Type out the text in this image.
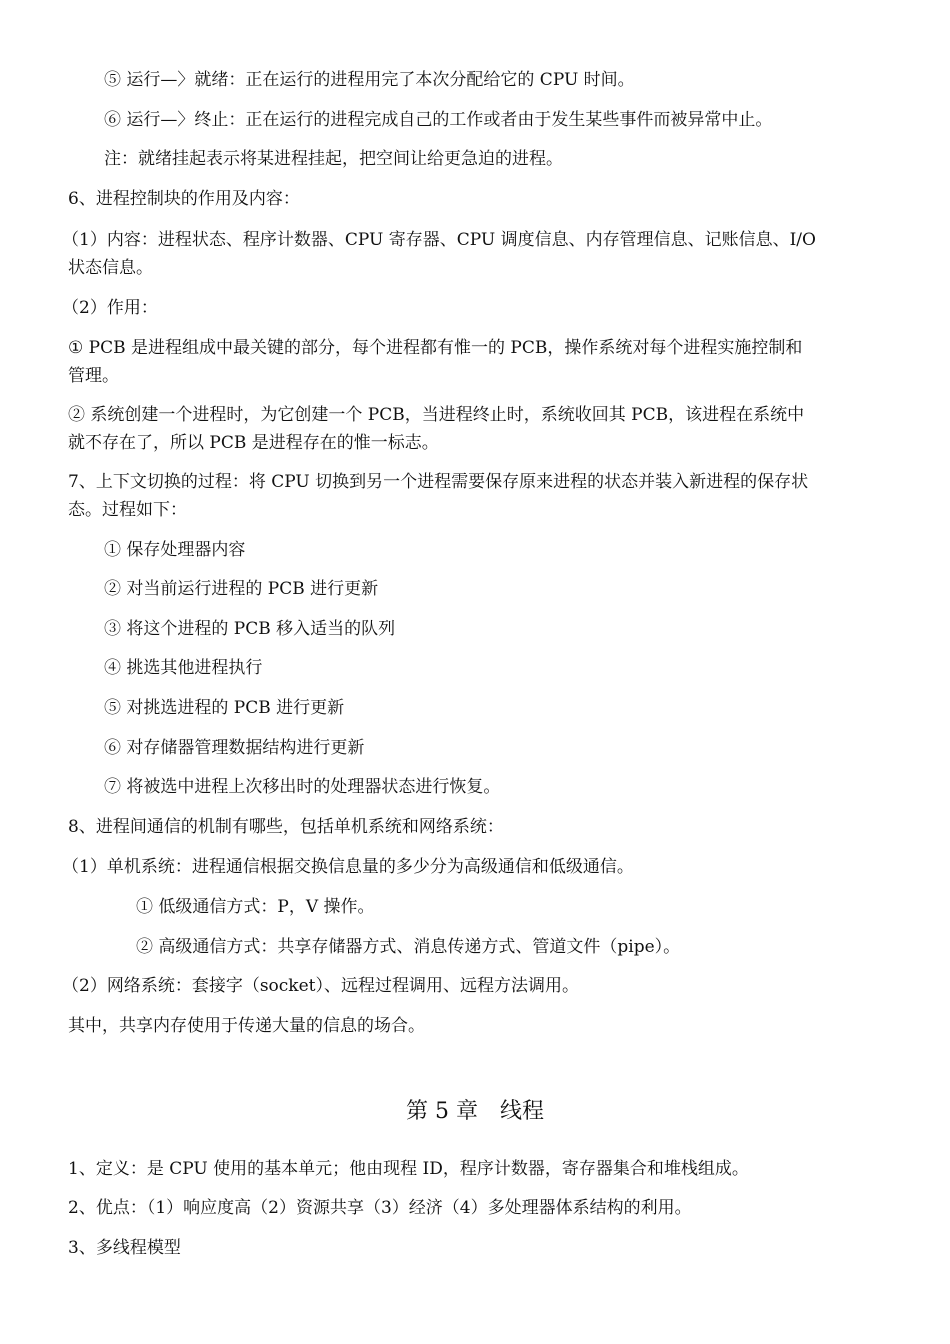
⑤ 运行—〉就绪：正在运行的进程用完了本次分配给它的 CPU 时间。
⑥ 运行—〉终止：正在运行的进程完成自己的工作或者由于发生某些事件而被异常中止。
注：就绪挂起表示将某进程挂起，把空间让给更急迫的进程。
6、进程控制块的作用及内容：
（1）内容：进程状态、程序计数器、CPU 寄存器、CPU 调度信息、内存管理信息、记账信息、I/O
状态信息。
（2）作用：
① PCB 是进程组成中最关键的部分，每个进程都有惟一的 PCB，操作系统对每个进程实施控制和
管理。
② 系统创建一个进程时，为它创建一个 PCB，当进程终止时，系统收回其 PCB，该进程在系统中
就不存在了，所以 PCB 是进程存在的惟一标志。
7、上下文切换的过程：将 CPU 切换到另一个进程需要保存原来进程的状态并装入新进程的保存状
态。过程如下：
① 保存处理器内容
② 对当前运行进程的 PCB 进行更新
③ 将这个进程的 PCB 移入适当的队列
④ 挑选其他进程执行
⑤ 对挑选进程的 PCB 进行更新
⑥ 对存储器管理数据结构进行更新
⑦ 将被选中进程上次移出时的处理器状态进行恢复。
8、进程间通信的机制有哪些，包括单机系统和网络系统：
（1）单机系统：进程通信根据交换信息量的多少分为高级通信和低级通信。
① 低级通信方式：P，V 操作。
② 高级通信方式：共享存储器方式、消息传递方式、管道文件（pipe）。
（2）网络系统：套接字（socket）、远程过程调用、远程方法调用。
其中，共享内存使用于传递大量的信息的场合。
第 5 章　线程
1、定义：是 CPU 使用的基本单元；他由现程 ID，程序计数器，寄存器集合和堆栈组成。
2、优点：（1）响应度高（2）资源共享（3）经济（4）多处理器体系结构的利用。
3、多线程模型
